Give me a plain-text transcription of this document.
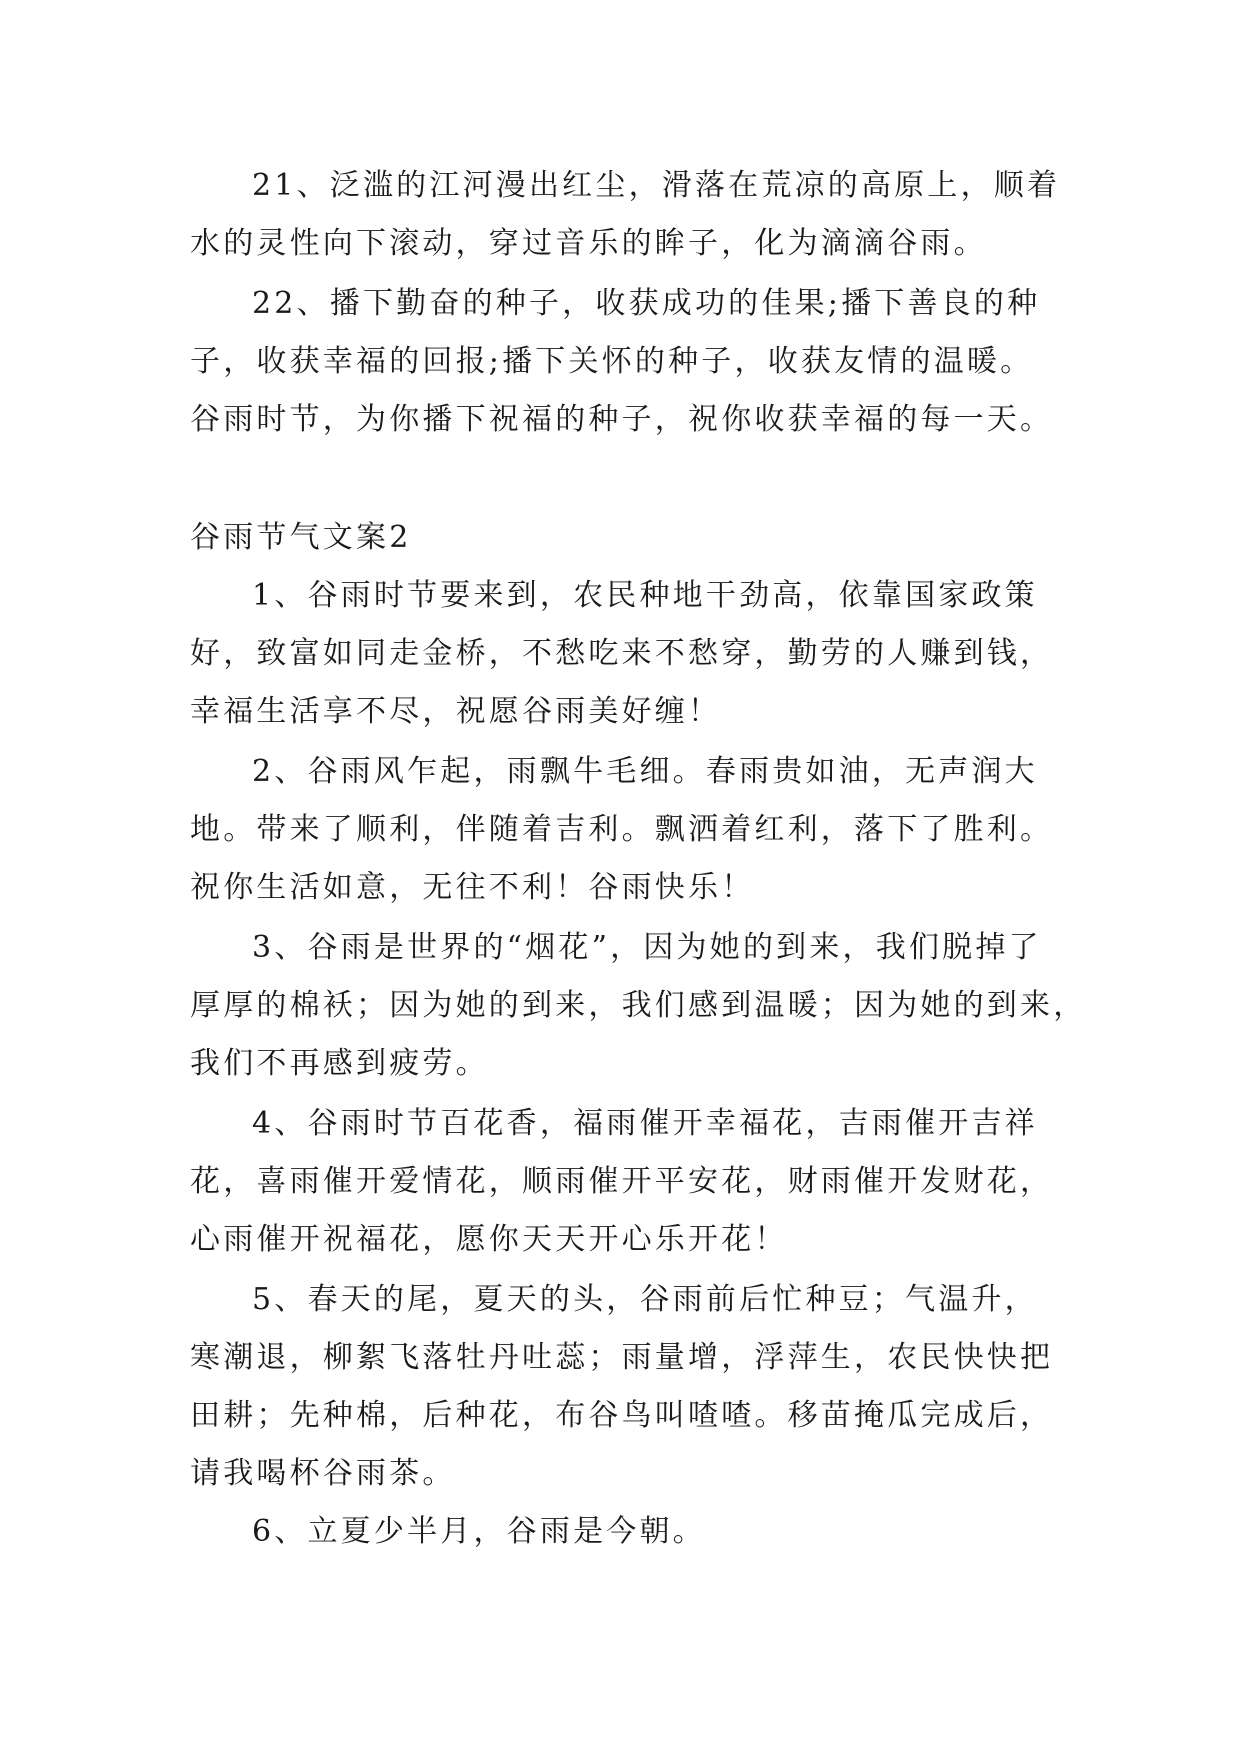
21、泛滥的江河漫出红尘，滑落在荒凉的高原上，顺着
水的灵性向下滚动，穿过音乐的眸子，化为滴滴谷雨。
22、播下勤奋的种子，收获成功的佳果;播下善良的种
子，收获幸福的回报;播下关怀的种子，收获友情的温暖。
谷雨时节，为你播下祝福的种子，祝你收获幸福的每一天。
谷雨节气文案2
1、谷雨时节要来到，农民种地干劲高，依靠国家政策
好，致富如同走金桥，不愁吃来不愁穿，勤劳的人赚到钱，
幸福生活享不尽，祝愿谷雨美好缠！
2、谷雨风乍起，雨飘牛毛细。春雨贵如油，无声润大
地。带来了顺利，伴随着吉利。飘洒着红利，落下了胜利。
祝你生活如意，无往不利！谷雨快乐！
3、谷雨是世界的“烟花”，因为她的到来，我们脱掉了
厚厚的棉袄；因为她的到来，我们感到温暖；因为她的到来，
我们不再感到疲劳。
4、谷雨时节百花香，福雨催开幸福花，吉雨催开吉祥
花，喜雨催开爱情花，顺雨催开平安花，财雨催开发财花，
心雨催开祝福花，愿你天天开心乐开花！
5、春天的尾，夏天的头，谷雨前后忙种豆；气温升，
寒潮退，柳絮飞落牡丹吐蕊；雨量增，浮萍生，农民快快把
田耕；先种棉，后种花，布谷鸟叫喳喳。移苗掩瓜完成后，
请我喝杯谷雨茶。
6、立夏少半月，谷雨是今朝。
